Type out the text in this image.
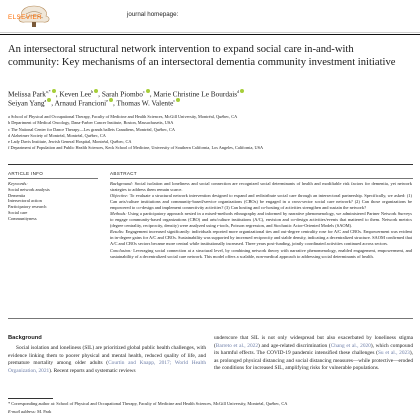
ELSEVIER	journal homepage:
An intersectoral structural network intervention to expand social care in-and-with community: Key mechanisms of an intersectoral dementia community investment initiative
Melissa Park$^{a,*}$ , Keven Lee$^b$ , Sarah Piombo$^c$ , Marie Christine Le Bourdais$^d$
Seiyan Yang$^a$ , Arnaud Francioni$^e$ , Thomas W. Valente$^c$
a School of Physical and Occupational Therapy, Faculty of Medicine and Health Sciences, McGill University, Montréal, Québec, CA
b Department of Medical Oncology, Dana-Farber Cancer Institute, Boston, Massachusetts, USA
c The National Center for Dance Therapy—Les grands ballets Canadiens, Montréal, Québec, CA
d Alzheimer Society of Montréal, Montréal, Québec, CA
e Lady Davis Institute, Jewish General Hospital, Montréal, Québec, CA
f Department of Population and Public Health Sciences, Keck School of Medicine, University of Southern California, Los Angeles, California, USA
ARTICLE INFO
Keywords:
Social network analysis
Dementia
Intersectoral action
Participatory research
Social care
Communityness
ABSTRACT

Background: Social isolation and loneliness and social connection are recognized social determinants of health and modifiable risk factors for dementia, yet network strategies to address them remain scarce.

Objective: To evaluate a structural network intervention designed to expand and redistribute social care through an intersectoral partnership. Specifically, we asked: (1) Can arts/culture institutions and community-based/service organizations (CBOs) be engaged in a cross-sector social care network? (2) Can those organizations be empowered to co-design and implement connectivity activities? (3) Can hosting and co-hosting of activities strengthen and sustain the network?

Methods: Using a participatory approach nested in a mixed-methods ethnography and informed by narrative phenomenology, we administered Partner Network Surveys to engage community-based organizations (CBO) and arts/culture institutions (A/C), envision and co-design activities/events that mattered to them. Network metrics (degree centrality, reciprocity, density) were analyzed using r-tools, Poisson regression, and Stochastic Actor-Oriented Models (SAOM).

Results: Engagement increased significantly: individuals reported more organizational ties and out-degree centrality rose for A/C and CBOs. Empowerment was evident in in-degree gains for A/C and CBOs. Sustainability was supported by increased reciprocity and stable density, indicating a decentralized structure. SAOM confirmed that A/C and CBOs sectors became more central while institutionally increased. Three years post-funding, jointly coordinated activities continued across sectors.

Conclusion: Leveraging social connection at a structural level, by combining network theory with narrative phenomenology, enabled engagement, empowerment, and sustainability of a decentralized social care network. This model offers a scalable, non-medical approach to addressing social determinants of health.

Background
Social isolation and loneliness (SIL) are prioritized global public health challenges, with evidence linking them to poorer physical and mental health, reduced quality of life, and premature mortality among older adults (Courtin and Knapp, 2017; World Health Organization, 2021). Recent reports and systematic reviews
underscore that SIL is not only widespread but also exacerbated by loneliness stigma (Barreto et al., 2022) and age-related discrimination (Chang et al., 2020), which compound its harmful effects. The COVID-19 pandemic intensified these challenges (Su et al., 2023), as prolonged physical distancing and social distancing measures—while protective—eroded the conditions for increased SIL, amplifying risks for vulnerable populations.
* Corresponding author at: School of Physical and Occupational Therapy, Faculty of Medicine and Health Sciences, McGill University, Montréal, Québec, CA
E-mail address: M. Park
